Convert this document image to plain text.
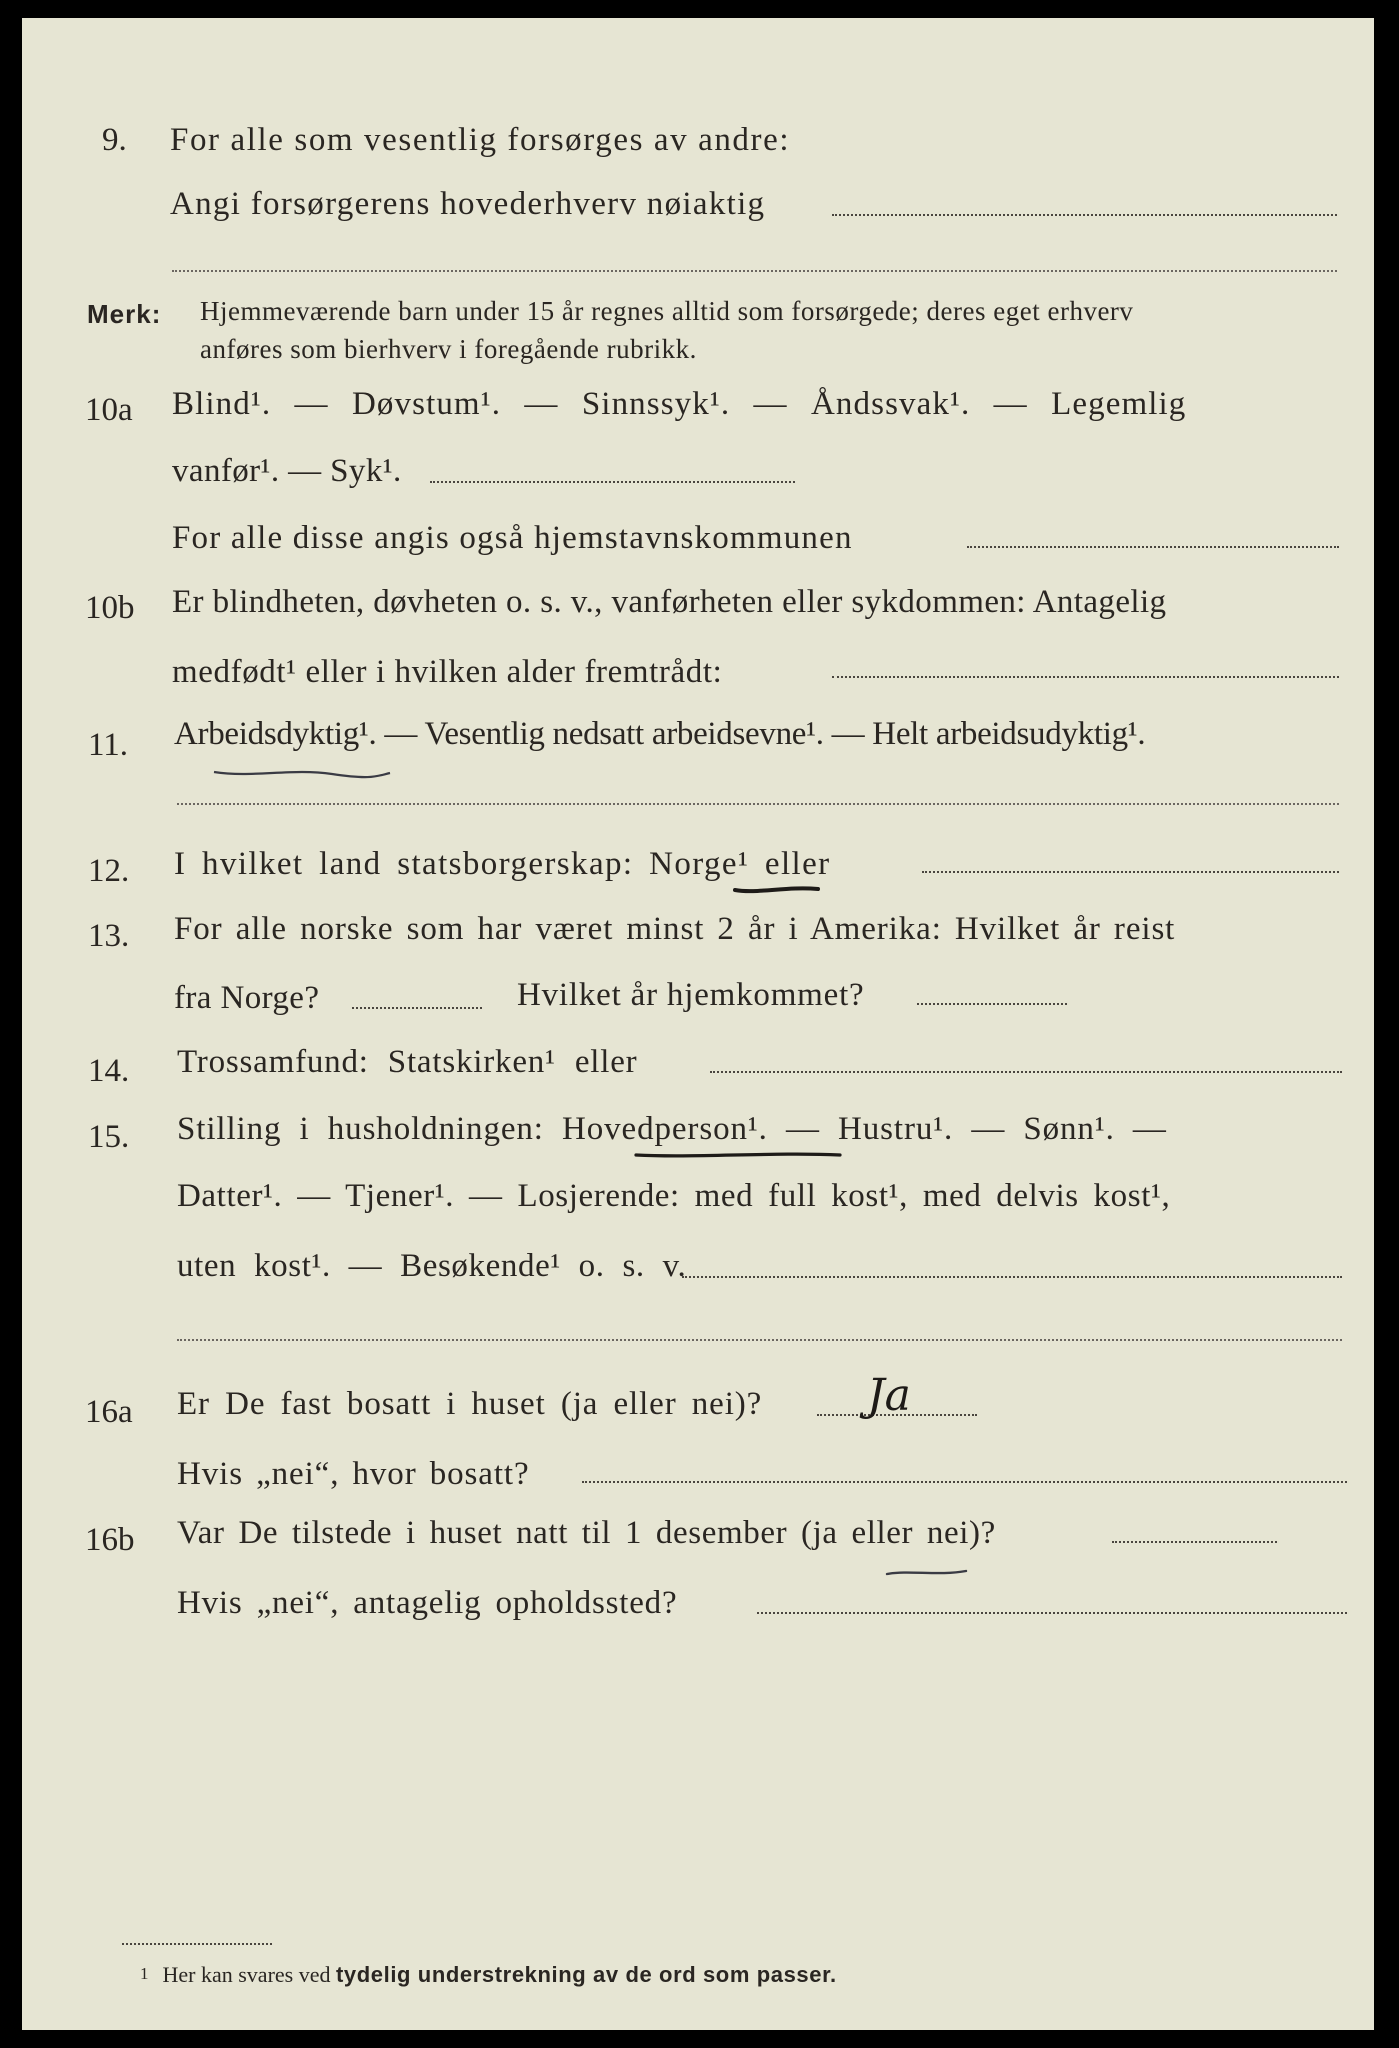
9. For alle som vesentlig forsørges av andre:
Angi forsørgerens hovederhverv nøiaktig
Merk: Hjemmeværende barn under 15 år regnes alltid som forsørgede; deres eget erhverv
anføres som bierhverv i foregående rubrikk.
10a Blind¹. — Døvstum¹. — Sinnssyk¹. — Åndssvak¹. — Legemlig
vanfør¹. — Syk¹.
For alle disse angis også hjemstavnskommunen
10b Er blindheten, døvheten o. s. v., vanførheten eller sykdommen: Antagelig
medfødt¹ eller i hvilken alder fremtrådt:
11. Arbeidsdyktig¹. — Vesentlig nedsatt arbeidsevne¹. — Helt arbeidsudyktig¹.
12. I hvilket land statsborgerskap: Norge¹ eller
13. For alle norske som har været minst 2 år i Amerika: Hvilket år reist
fra Norge?	Hvilket år hjemkommet?
14. Trossamfund: Statskirken¹ eller
15. Stilling i husholdningen: Hovedperson¹. — Hustru¹. — Sønn¹. —
Datter¹. — Tjener¹. — Losjerende: med full kost¹, med delvis kost¹,
uten kost¹. — Besøkende¹ o. s. v.
16a Er De fast bosatt i huset (ja eller nei)? Ja
Hvis „nei“, hvor bosatt?
16b Var De tilstede i huset natt til 1 desember (ja eller nei)?
Hvis „nei“, antagelig opholdssted?
1 Her kan svares ved tydelig understrekning av de ord som passer.
